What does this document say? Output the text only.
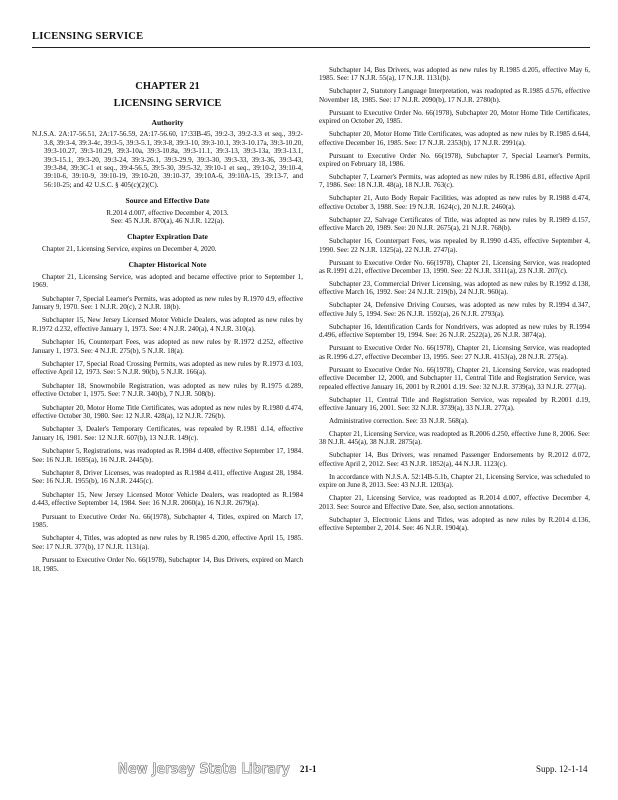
LICENSING SERVICE
CHAPTER 21
LICENSING SERVICE
Authority
N.J.S.A. 2A:17-56.51, 2A:17-56.59, 2A:17-56.60, 17:33B-45, 39:2-3, 39:2-3.3 et seq., 39:2-3.8, 39:3-4, 39:3-4c, 39:3-5, 39:3-5.1, 39:3-8, 39:3-10, 39:3-10.1, 39:3-10.17a, 39:3-10.20, 39:3-10.27, 39:3-10.29, 39:3-10a, 39:3-10.8a, 39:3-11.1, 39:3-13, 39:3-13a, 39:3-13.1, 39:3-15.1, 39:3-20, 39:3-24, 39:3-26.1, 39:3-29.9, 39:3-30, 39:3-33, 39:3-36, 39:3-43, 39:3-84, 39:3C-1 et seq., 39:4-56.5, 39:5-30, 39:5-32, 39:10-1 et seq., 39:10-2, 39:10-4, 39:10-6, 39:10-9, 39:10-19, 39:10-20, 39:10-37, 39:10A-6, 39:10A-15, 39:13-7, and 56:10-25; and 42 U.S.C. § 405(c)(2)(C).
Source and Effective Date

R.2014 d.007, effective December 4, 2013.

See: 45 N.J.R. 870(a), 46 N.J.R. 122(a).

Chapter Expiration Date

Chapter 21, Licensing Service, expires on December 4, 2020.

Chapter Historical Note

Chapter 21, Licensing Service, was adopted and became effective prior to September 1, 1969.

Subchapter 7, Special Learner's Permits, was adopted as new rules by R.1970 d.9, effective January 9, 1970. See: 1 N.J.R. 20(c), 2 N.J.R. 18(b).

Subchapter 15, New Jersey Licensed Motor Vehicle Dealers, was adopted as new rules by R.1972 d.232, effective January 1, 1973. See: 4 N.J.R. 240(a), 4 N.J.R. 310(a).

Subchapter 16, Counterpart Fees, was adopted as new rules by R.1972 d.252, effective January 1, 1973. See: 4 N.J.R. 275(b), 5 N.J.R. 18(a).

Subchapter 17, Special Road Crossing Permits, was adopted as new rules by R.1973 d.103, effective April 12, 1973. See: 5 N.J.R. 90(b), 5 N.J.R. 166(a).

Subchapter 18, Snowmobile Registration, was adopted as new rules by R.1975 d.289, effective October 1, 1975. See: 7 N.J.R. 340(b), 7 N.J.R. 508(b).

Subchapter 20, Motor Home Title Certificates, was adopted as new rules by R.1980 d.474, effective October 30, 1980. See: 12 N.J.R. 428(a), 12 N.J.R. 726(b).

Subchapter 3, Dealer's Temporary Certificates, was repealed by R.1981 d.14, effective January 16, 1981. See: 12 N.J.R. 607(b), 13 N.J.R. 149(c).

Subchapter 5, Registrations, was readopted as R.1984 d.408, effective September 17, 1984. See: 16 N.J.R. 1695(a), 16 N.J.R. 2445(b).

Subchapter 8, Driver Licenses, was readopted as R.1984 d.411, effective August 28, 1984. See: 16 N.J.R. 1955(b), 16 N.J.R. 2445(c).

Subchapter 15, New Jersey Licensed Motor Vehicle Dealers, was readopted as R.1984 d.443, effective September 14, 1984. See: 16 N.J.R. 2060(a), 16 N.J.R. 2679(a).

Pursuant to Executive Order No. 66(1978), Subchapter 4, Titles, expired on March 17, 1985.

Subchapter 4, Titles, was adopted as new rules by R.1985 d.200, effective April 15, 1985. See: 17 N.J.R. 377(b), 17 N.J.R. 1131(a).

Pursuant to Executive Order No. 66(1978), Subchapter 14, Bus Drivers, expired on March 18, 1985.

Subchapter 14, Bus Drivers, was adopted as new rules by R.1985 d.205, effective May 6, 1985. See: 17 N.J.R. 55(a), 17 N.J.R. 1131(b).

Subchapter 2, Statutory Language Interpretation, was readopted as R.1985 d.576, effective November 18, 1985. See: 17 N.J.R. 2090(b), 17 N.J.R. 2780(b).

Pursuant to Executive Order No. 66(1978), Subchapter 20, Motor Home Title Certificates, expired on October 20, 1985.

Subchapter 20, Motor Home Title Certificates, was adopted as new rules by R.1985 d.644, effective December 16, 1985. See: 17 N.J.R. 2353(b), 17 N.J.R. 2991(a).

Pursuant to Executive Order No. 66(1978), Subchapter 7, Special Learner's Permits, expired on February 18, 1986.

Subchapter 7, Learner's Permits, was adopted as new rules by R.1986 d.81, effective April 7, 1986. See: 18 N.J.R. 48(a), 18 N.J.R. 763(c).

Subchapter 21, Auto Body Repair Facilities, was adopted as new rules by R.1988 d.474, effective October 3, 1988. See: 19 N.J.R. 1624(c), 20 N.J.R. 2460(a).

Subchapter 22, Salvage Certificates of Title, was adopted as new rules by R.1989 d.157, effective March 20, 1989. See: 20 N.J.R. 2675(a), 21 N.J.R. 768(b).

Subchapter 16, Counterpart Fees, was repealed by R.1990 d.435, effective September 4, 1990. See: 22 N.J.R. 1325(a), 22 N.J.R. 2747(a).

Pursuant to Executive Order No. 66(1978), Chapter 21, Licensing Service, was readopted as R.1991 d.21, effective December 13, 1990. See: 22 N.J.R. 3311(a), 23 N.J.R. 207(c).

Subchapter 23, Commercial Driver Licensing, was adopted as new rules by R.1992 d.138, effective March 16, 1992. See: 24 N.J.R. 219(b), 24 N.J.R. 960(a).

Subchapter 24, Defensive Driving Courses, was adopted as new rules by R.1994 d.347, effective July 5, 1994. See: 26 N.J.R. 1592(a), 26 N.J.R. 2793(a).

Subchapter 16, Identification Cards for Nondrivers, was adopted as new rules by R.1994 d.496, effective September 19, 1994. See: 26 N.J.R. 2522(a), 26 N.J.R. 3874(a).

Pursuant to Executive Order No. 66(1978), Chapter 21, Licensing Service, was readopted as R.1996 d.27, effective December 13, 1995. See: 27 N.J.R. 4153(a), 28 N.J.R. 275(a).

Pursuant to Executive Order No. 66(1978), Chapter 21, Licensing Service, was readopted effective December 12, 2000, and Subchapter 11, Central Title and Registration Service, was repealed effective January 16, 2001 by R.2001 d.19. See: 32 N.J.R. 3739(a), 33 N.J.R. 277(a).

Subchapter 11, Central Title and Registration Service, was repealed by R.2001 d.19, effective January 16, 2001. See: 32 N.J.R. 3739(a), 33 N.J.R. 277(a).

Administrative correction. See: 33 N.J.R. 568(a).

Chapter 21, Licensing Service, was readopted as R.2006 d.250, effective June 8, 2006. See: 38 N.J.R. 445(a), 38 N.J.R. 2875(a).

Subchapter 14, Bus Drivers, was renamed Passenger Endorsements by R.2012 d.072, effective April 2, 2012. See: 43 N.J.R. 1852(a), 44 N.J.R. 1123(c).

In accordance with N.J.S.A. 52:14B-5.1b, Chapter 21, Licensing Service, was scheduled to expire on June 8, 2013. See: 43 N.J.R. 1203(a).

Chapter 21, Licensing Service, was readopted as R.2014 d.007, effective December 4, 2013. See: Source and Effective Date. See, also, section annotations.

Subchapter 3, Electronic Liens and Titles, was adopted as new rules by R.2014 d.136, effective September 2, 2014. See: 46 N.J.R. 1904(a).

New Jersey State Library 21-1	Supp. 12-1-14
